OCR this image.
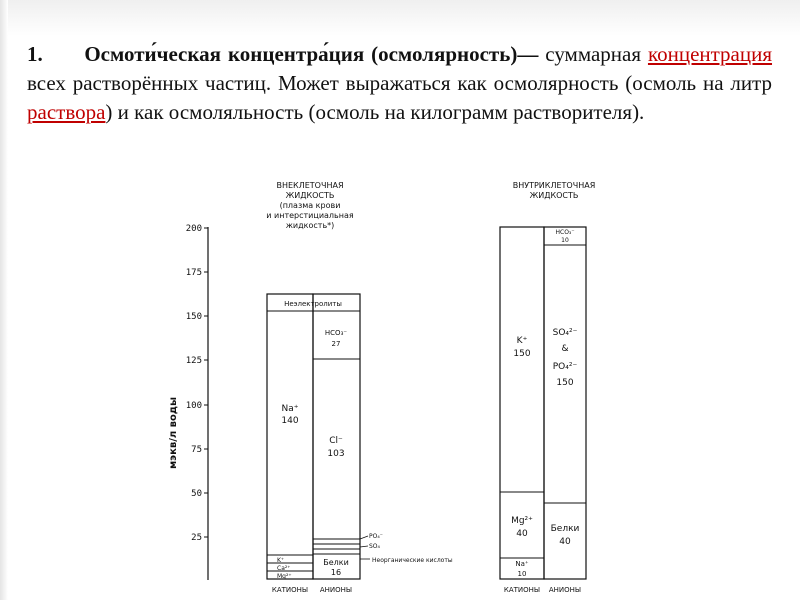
1. Осмоти́ческая концентра́ция (осмолярность)— суммарная концентрация всех растворённых частиц. Может выражаться как осмолярность (осмоль на литр раствора) и как осмоляльность (осмоль на килограмм растворителя).

200
175
150
125
100
75
50
25
мэкв/л воды
ВНЕКЛЕТОЧНАЯ
ЖИДКОСТЬ
(плазма крови
и интерстициальная
жидкость*)
Na⁺
140
K⁺
Ca²⁺
Mg²⁺
HCO₃⁻
27
Cl⁻
103
Белки
16
Неэлектролиты
PO₄⁻
SO₄
Неорганические кислоты
ВНУТРИКЛЕТОЧНАЯ
ЖИДКОСТЬ
K⁺
150
Mg²⁺
40
Na⁺
10
HCO₃⁻
10
SO₄²⁻
&
PO₄²⁻
150
Белки
40
КАТИОНЫ АНИОНЫ	КАТИОНЫ АНИОНЫ
